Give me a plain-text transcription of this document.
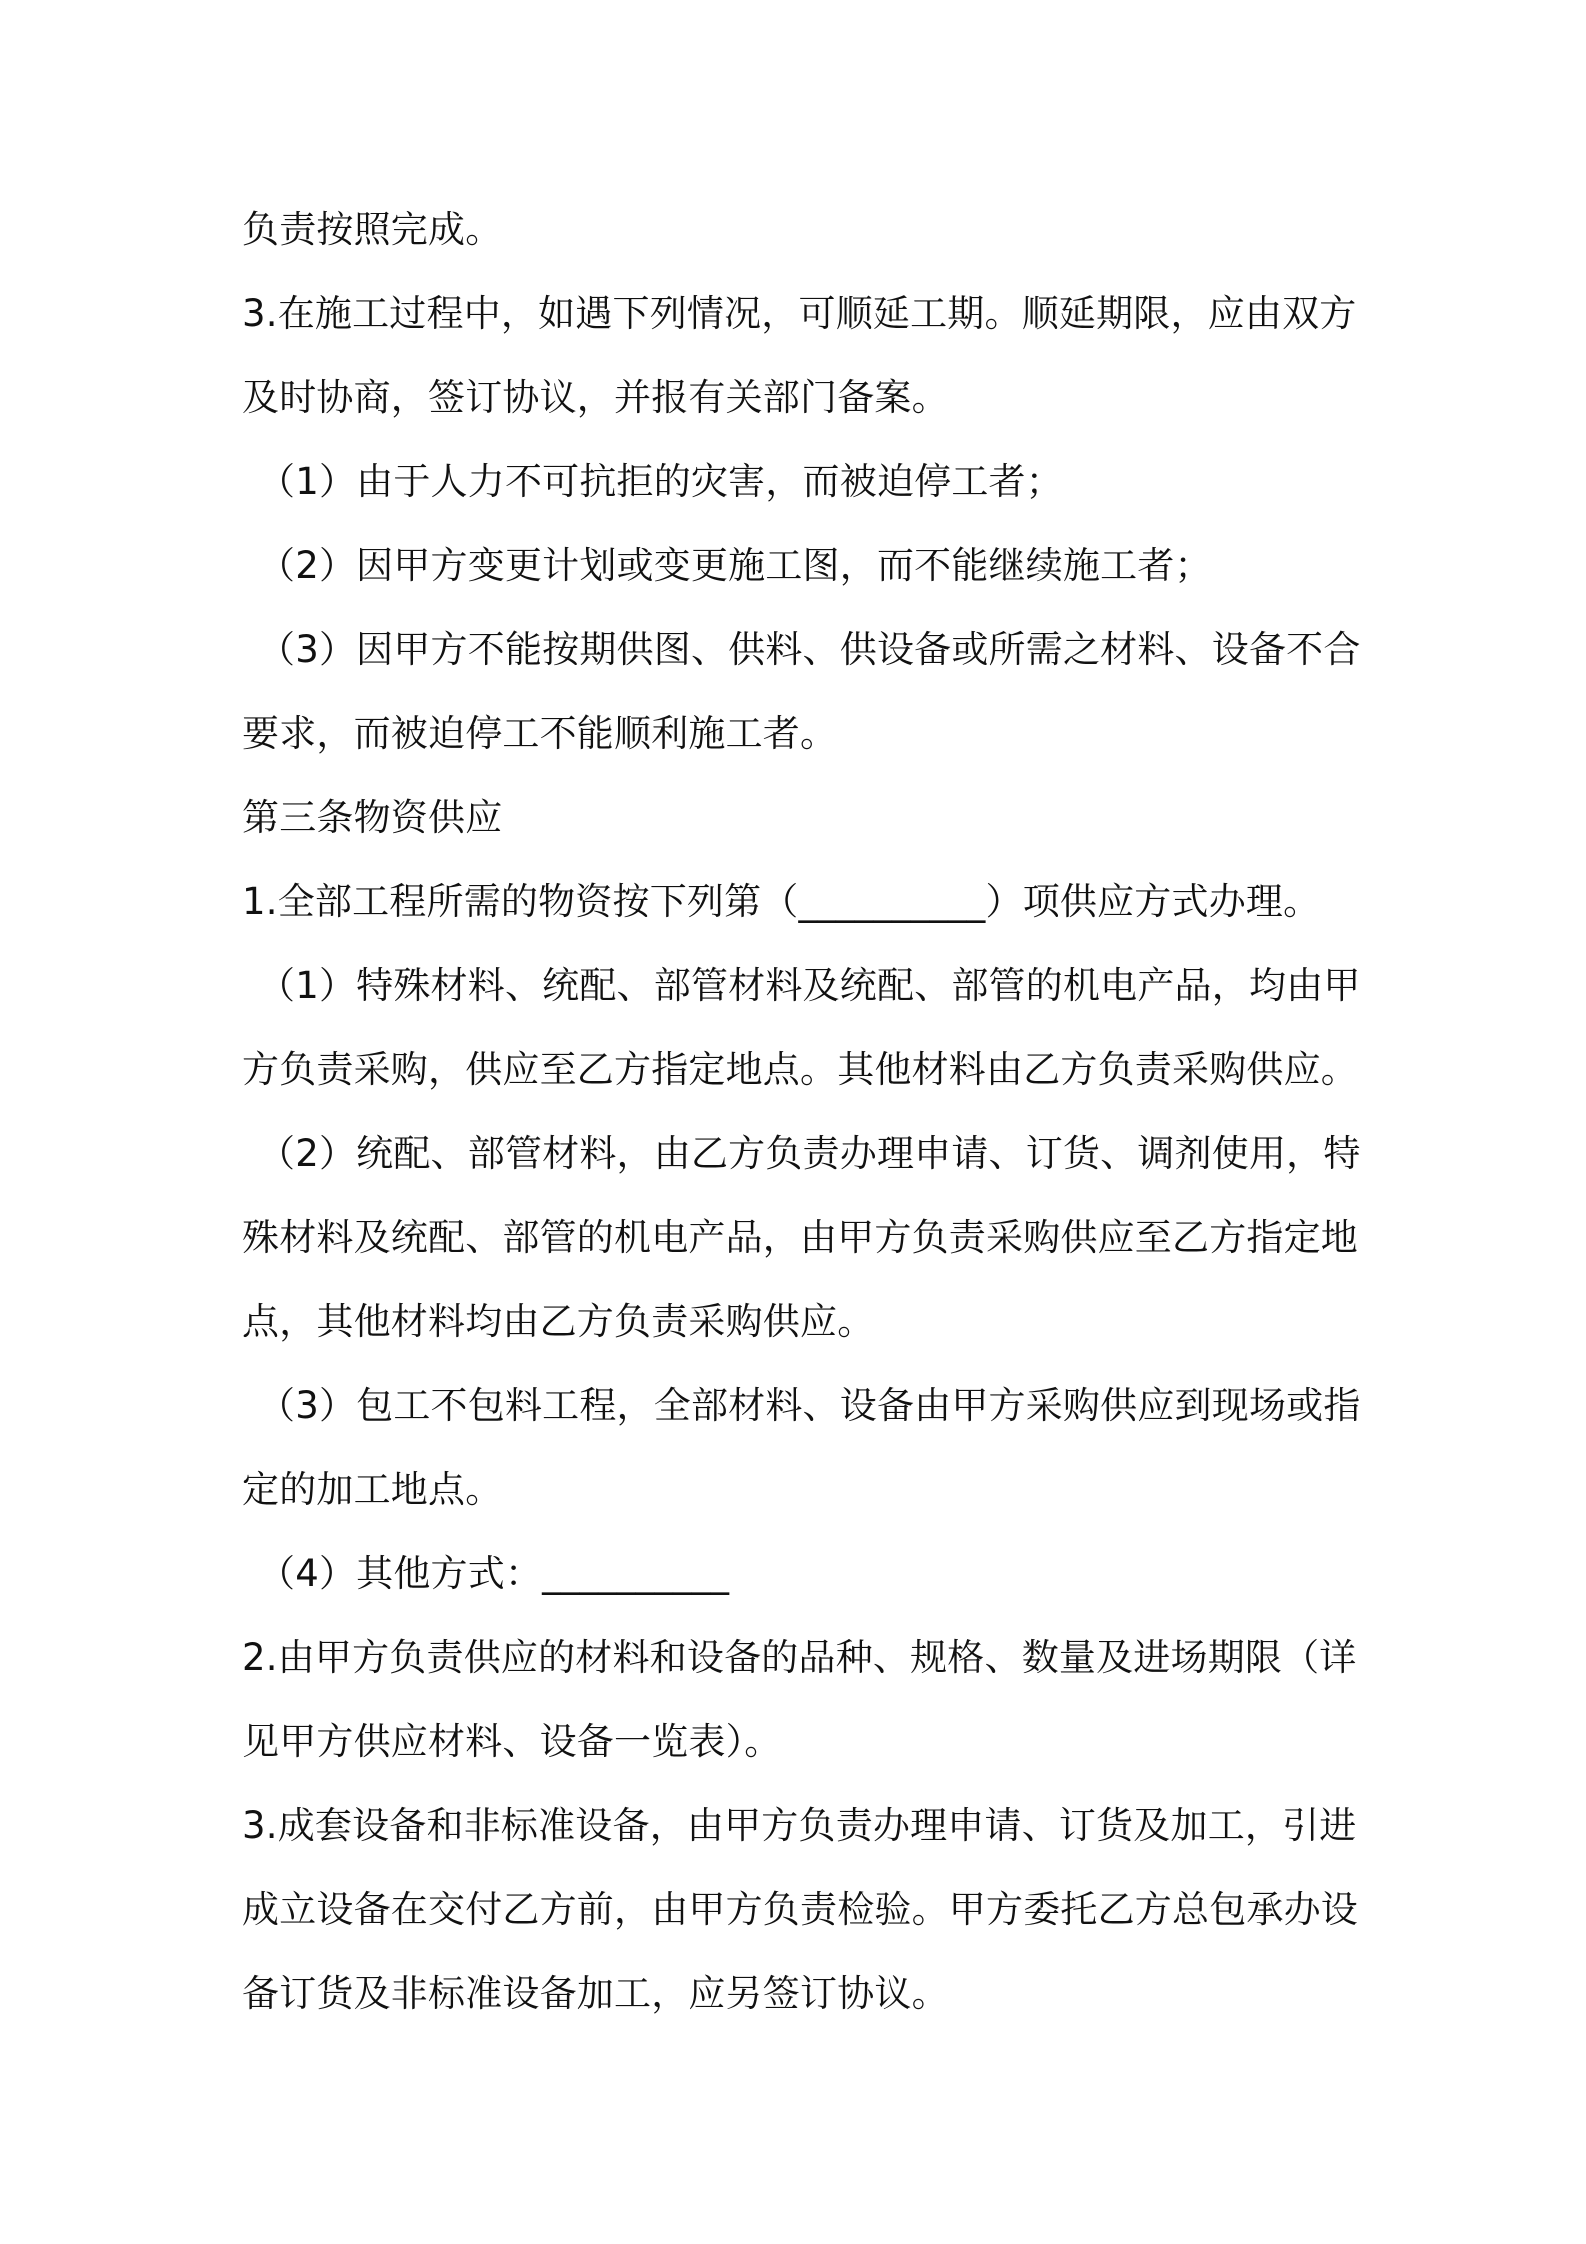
负责按照完成。
3.在施工过程中，如遇下列情况，可顺延工期。顺延期限，应由双方
及时协商，签订协议，并报有关部门备案。
（1）由于人力不可抗拒的灾害，而被迫停工者；
（2）因甲方变更计划或变更施工图，而不能继续施工者；
（3）因甲方不能按期供图、供料、供设备或所需之材料、设备不合
要求，而被迫停工不能顺利施工者。
第三条物资供应
1.全部工程所需的物资按下列第（__________）项供应方式办理。
（1）特殊材料、统配、部管材料及统配、部管的机电产品，均由甲
方负责采购，供应至乙方指定地点。其他材料由乙方负责采购供应。
（2）统配、部管材料，由乙方负责办理申请、订货、调剂使用，特
殊材料及统配、部管的机电产品，由甲方负责采购供应至乙方指定地
点，其他材料均由乙方负责采购供应。
（3）包工不包料工程，全部材料、设备由甲方采购供应到现场或指
定的加工地点。
（4）其他方式：__________
2.由甲方负责供应的材料和设备的品种、规格、数量及进场期限（详
见甲方供应材料、设备一览表）。
3.成套设备和非标准设备，由甲方负责办理申请、订货及加工，引进
成立设备在交付乙方前，由甲方负责检验。甲方委托乙方总包承办设
备订货及非标准设备加工，应另签订协议。
